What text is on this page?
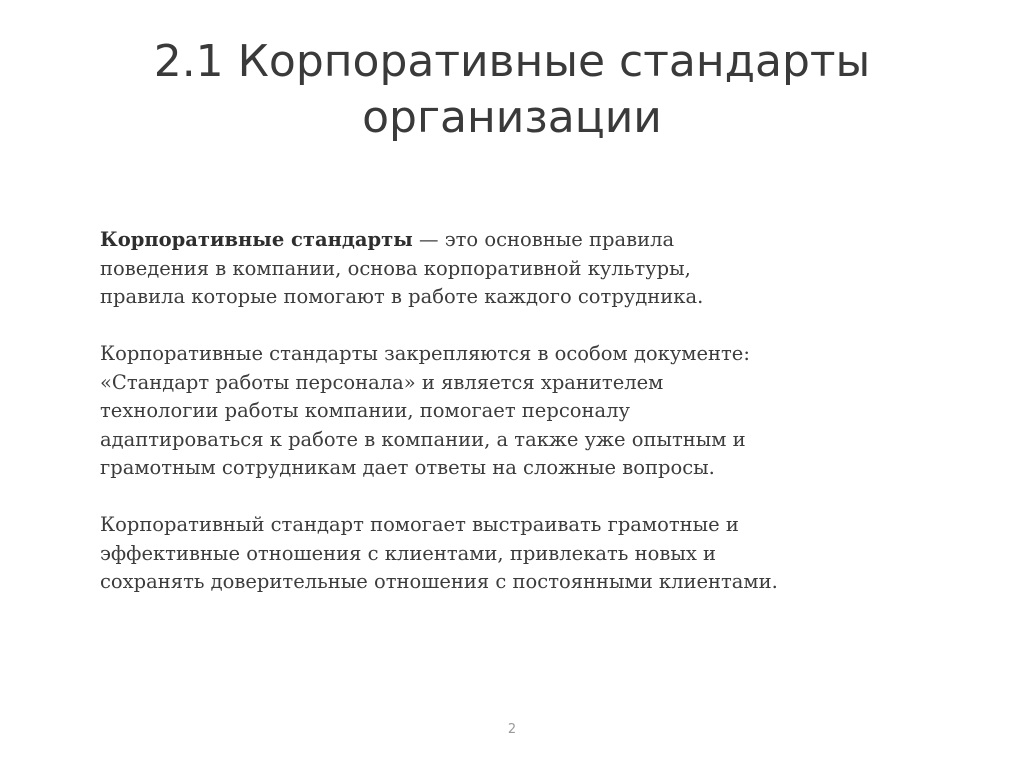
2.1 Корпоративные стандарты
организации

Корпоративные стандарты — это основные правила
поведения в компании, основа корпоративной культуры,
правила которые помогают в работе каждого сотрудника.

Корпоративные стандарты закрепляются в особом документе:
«Стандарт работы персонала» и является хранителем
технологии работы компании, помогает персоналу
адаптироваться к работе в компании, а также уже опытным и
грамотным сотрудникам дает ответы на сложные вопросы.

Корпоративный стандарт помогает выстраивать грамотные и
эффективные отношения с клиентами, привлекать новых и
сохранять доверительные отношения с постоянными клиентами.

2
